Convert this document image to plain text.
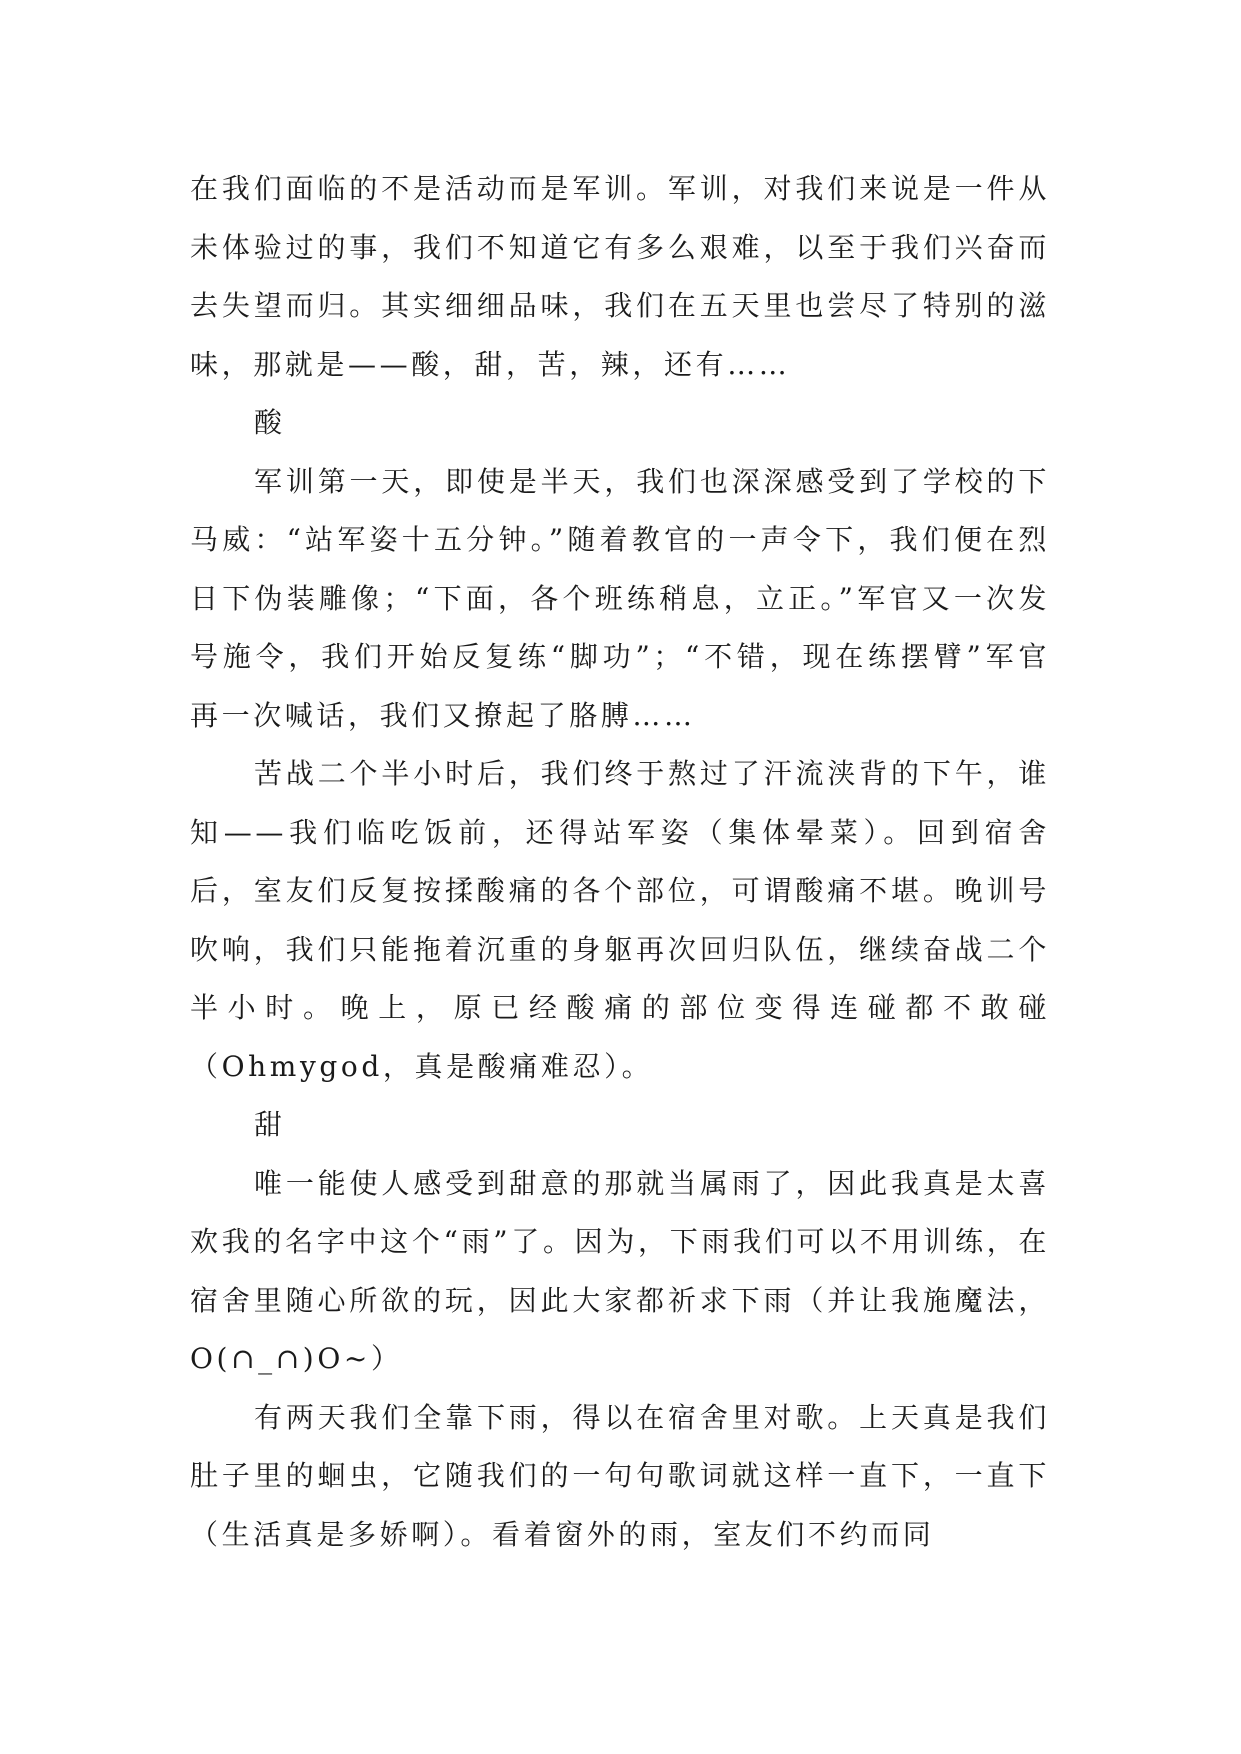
在我们面临的不是活动而是军训。军训，对我们来说是一件从未体验过的事，我们不知道它有多么艰难，以至于我们兴奋而去失望而归。其实细细品味，我们在五天里也尝尽了特别的滋味，那就是——酸，甜，苦，辣，还有……

酸

军训第一天，即使是半天，我们也深深感受到了学校的下马威：“站军姿十五分钟。”随着教官的一声令下，我们便在烈日下伪装雕像；“下面，各个班练稍息，立正。”军官又一次发号施令，我们开始反复练“脚功”；“不错，现在练摆臂”军官再一次喊话，我们又撩起了胳膊……

苦战二个半小时后，我们终于熬过了汗流浃背的下午，谁知——我们临吃饭前，还得站军姿（集体晕菜）。回到宿舍后，室友们反复按揉酸痛的各个部位，可谓酸痛不堪。晚训号吹响，我们只能拖着沉重的身躯再次回归队伍，继续奋战二个半小时。晚上，原已经酸痛的部位变得连碰都不敢碰（Ohmygod，真是酸痛难忍）。

甜

唯一能使人感受到甜意的那就当属雨了，因此我真是太喜欢我的名字中这个“雨”了。因为，下雨我们可以不用训练，在宿舍里随心所欲的玩，因此大家都祈求下雨（并让我施魔法，O(∩_∩)O~）

有两天我们全靠下雨，得以在宿舍里对歌。上天真是我们肚子里的蛔虫，它随我们的一句句歌词就这样一直下，一直下（生活真是多娇啊）。看着窗外的雨，室友们不约而同
